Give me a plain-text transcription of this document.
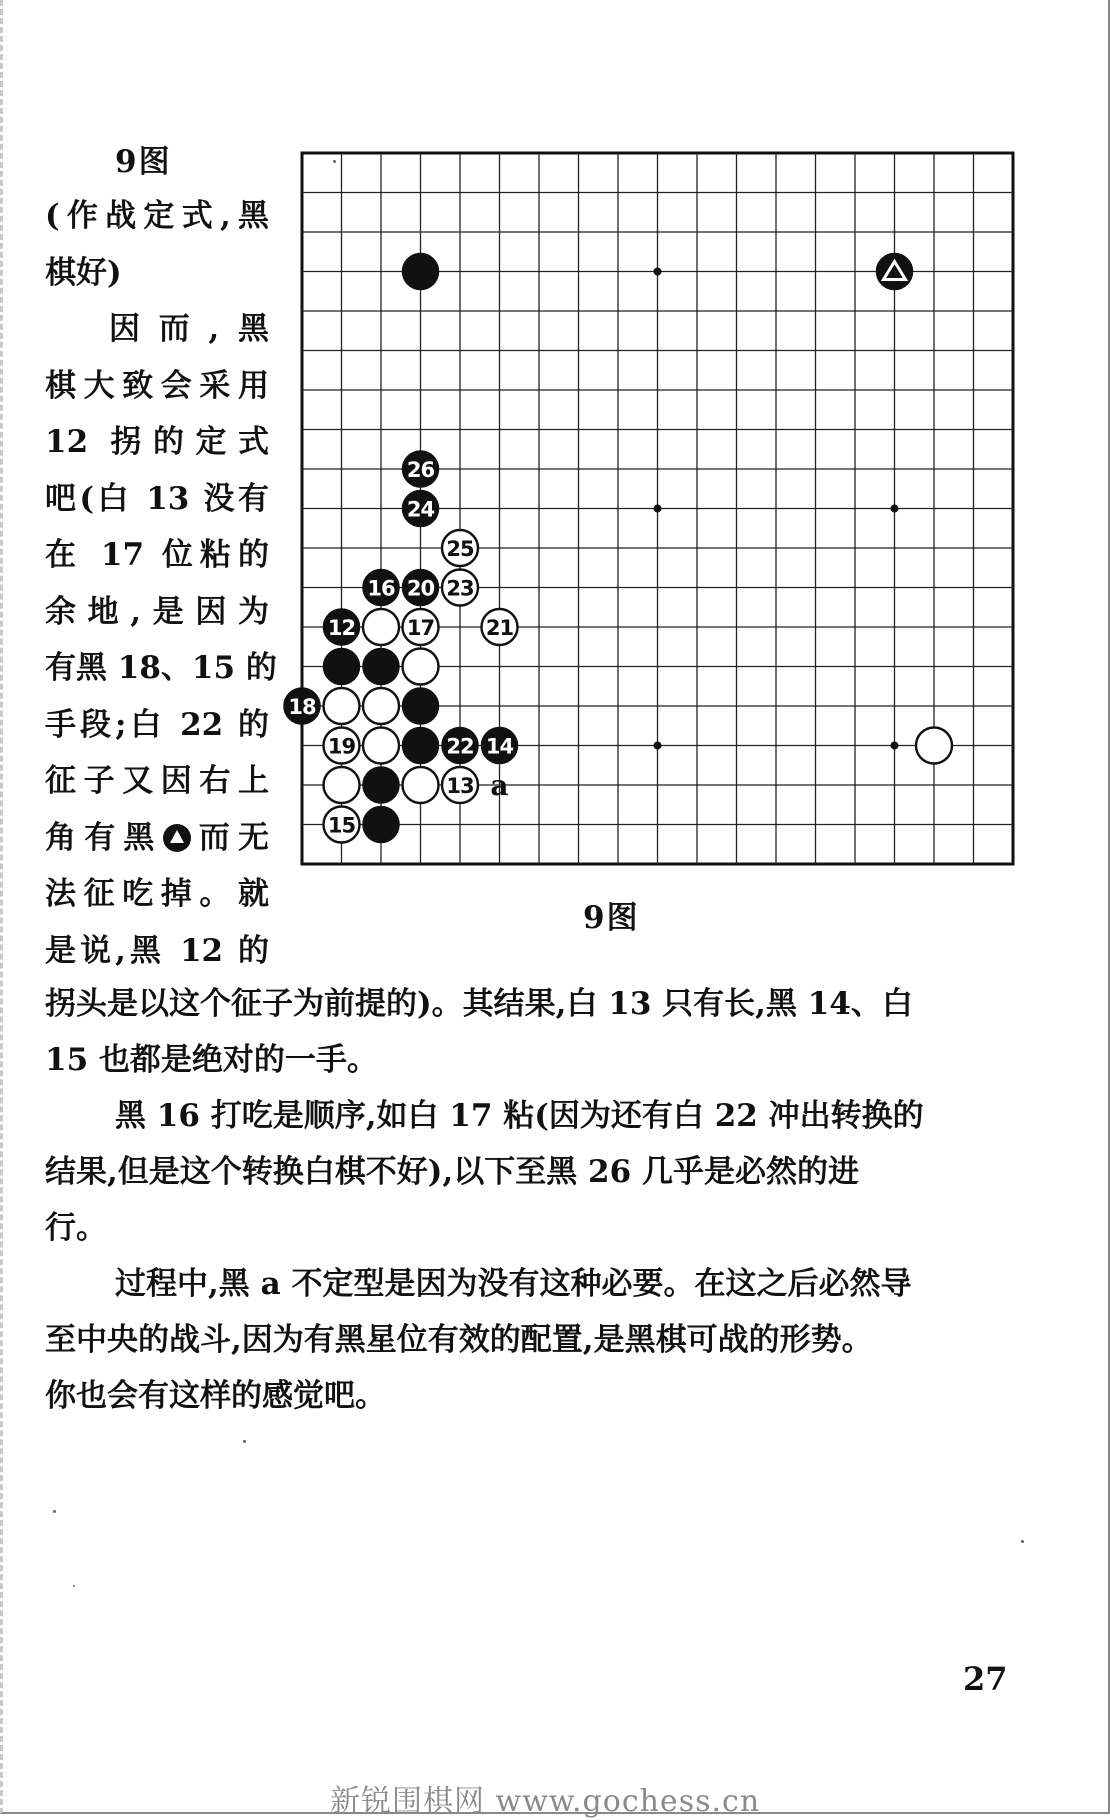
9图
(作战定式,黑
棋好)
因而,黑
棋大致会采用
12 拐的定式
吧(白 13 没有
在 17 位粘的
余地,是因为
有黑 18、15 的
手段;白 22 的
征子又因右上
角有黑 而无
法征吃掉。就
是说,黑 12 的
a
26
24
25
16 20 23
12 17 21
18
19	22 14
13
15
9图
拐头是以这个征子为前提的)。其结果,白 13 只有长,黑 14、白
15 也都是绝对的一手。
黑 16 打吃是顺序,如白 17 粘(因为还有白 22 冲出转换的
结果,但是这个转换白棋不好),以下至黑 26 几乎是必然的进
行。
过程中,黑 a 不定型是因为没有这种必要。在这之后必然导
至中央的战斗,因为有黑星位有效的配置,是黑棋可战的形势。
你也会有这样的感觉吧。
27
新锐围棋网 www.gochess.cn
